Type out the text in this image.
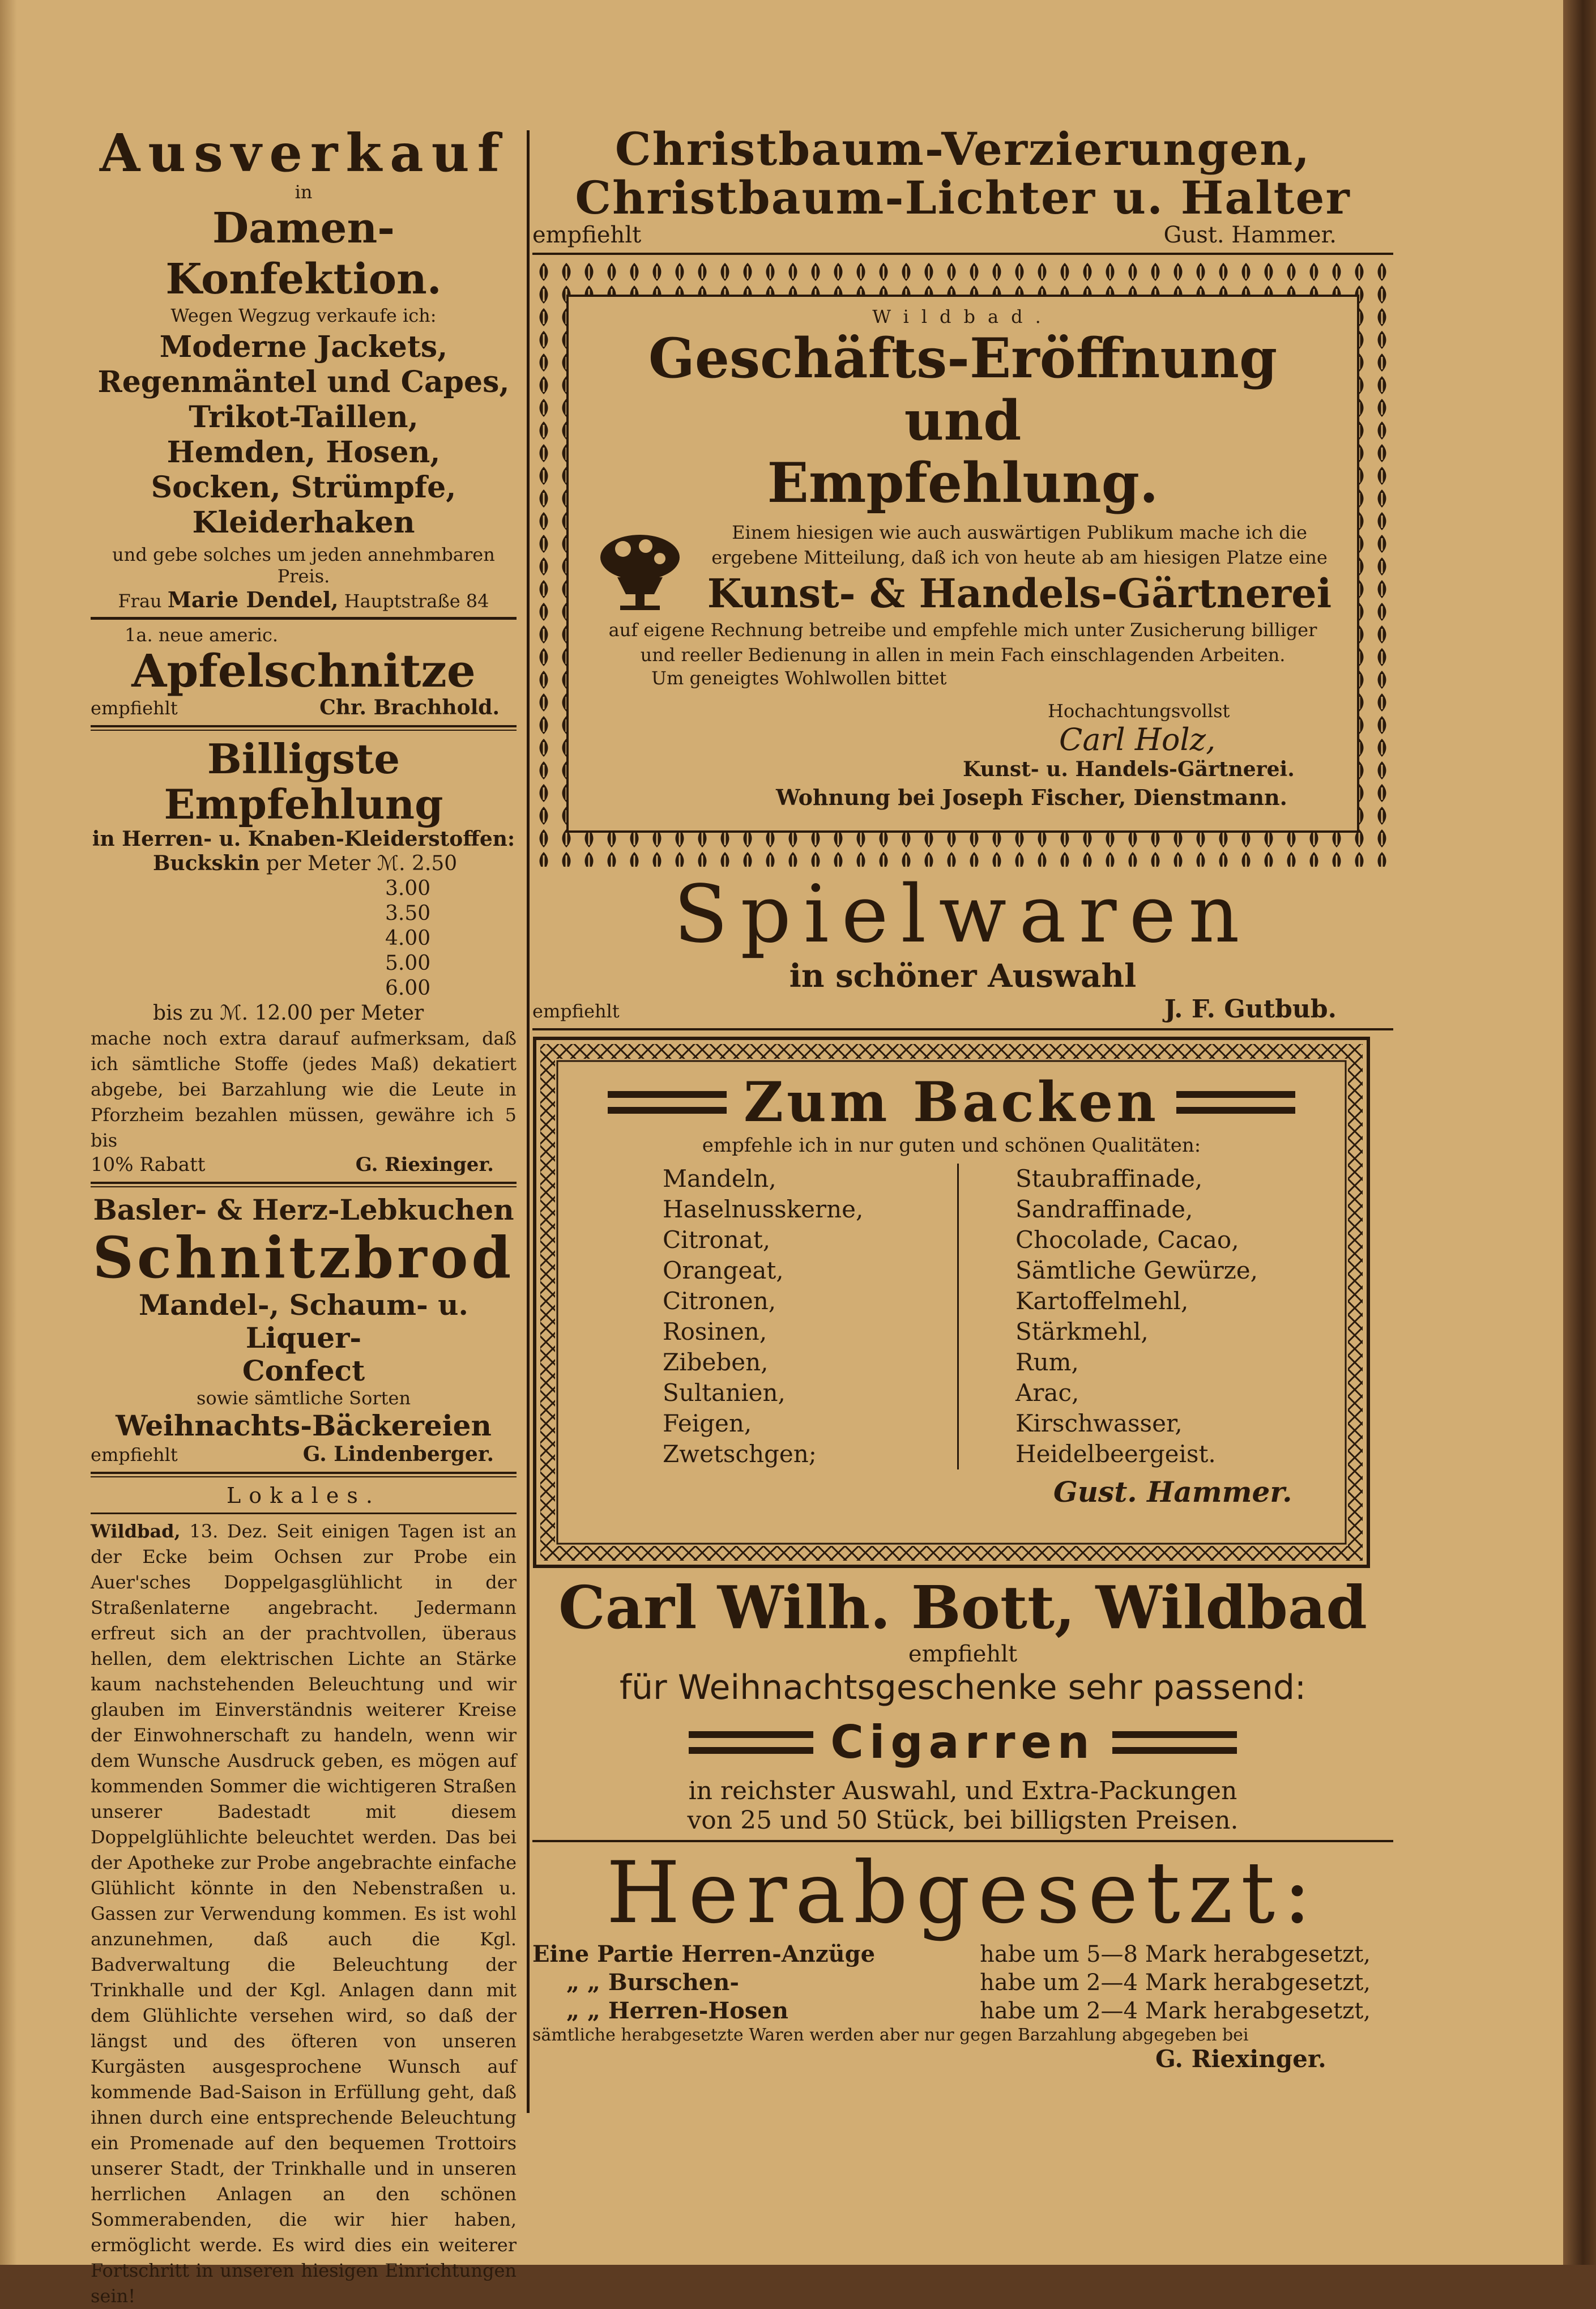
Ausverkauf
in
Damen-Konfektion.
Wegen Wegzug verkaufe ich:
Moderne Jackets,
Regenmäntel und Capes,
Trikot-Taillen,
Hemden, Hosen,
Socken, Strümpfe,
Kleiderhaken
und gebe solches um jeden annehmbaren Preis.
Frau Marie Dendel, Hauptstraße 84
1a. neue americ.
Apfelschnitze
empfiehlt	Chr. Brachhold.
Billigste Empfehlung
in Herren- u. Knaben-Kleiderstoffen:
Buckskin per Meter ℳ. 2.50
3.00
3.50
4.00
5.00
6.00
bis zu ℳ. 12.00 per Meter
mache noch extra darauf aufmerksam, daß ich sämtliche Stoffe (jedes Maß) dekatiert abgebe, bei Barzahlung wie die Leute in Pforzheim bezahlen müssen, gewähre ich 5 bis
10% Rabatt	G. Riexinger.
Basler- & Herz-Lebkuchen
Schnitzbrod
Mandel-, Schaum- u. Liquer-
Confect
sowie sämtliche Sorten
Weihnachts-Bäckereien
empfiehlt	G. Lindenberger.
Lokales.
Wildbad, 13. Dez. Seit einigen Tagen ist an der Ecke beim Ochsen zur Probe ein Auer'sches Doppelgasglühlicht in der Straßenlaterne angebracht. Jedermann erfreut sich an der prachtvollen, überaus hellen, dem elektrischen Lichte an Stärke kaum nachstehenden Beleuchtung und wir glauben im Einverständnis weiterer Kreise der Einwohnerschaft zu handeln, wenn wir dem Wunsche Ausdruck geben, es mögen auf kommenden Sommer die wichtigeren Straßen unserer Badestadt mit diesem Doppelglühlichte beleuchtet werden. Das bei der Apotheke zur Probe angebrachte einfache Glühlicht könnte in den Nebenstraßen u. Gassen zur Verwendung kommen. Es ist wohl anzunehmen, daß auch die Kgl. Badverwaltung die Beleuchtung der Trinkhalle und der Kgl. Anlagen dann mit dem Glühlichte versehen wird, so daß der längst und des öfteren von unseren Kurgästen ausgesprochene Wunsch auf kommende Bad-Saison in Erfüllung geht, daß ihnen durch eine entsprechende Beleuchtung ein Promenade auf den bequemen Trottoirs unserer Stadt, der Trinkhalle und in unseren herrlichen Anlagen an den schönen Sommerabenden, die wir hier haben, ermöglicht werde. Es wird dies ein weiterer Fortschritt in unseren hiesigen Einrichtungen sein!
Christbaum-Verzierungen,
Christbaum-Lichter u. Halter
empfiehlt	Gust. Hammer.
Wildbad.
Geschäfts-Eröffnung und
Empfehlung.
Einem hiesigen wie auch auswärtigen Publikum mache ich die ergebene Mitteilung, daß ich von heute ab am hiesigen Platze eine
Kunst- & Handels-Gärtnerei
auf eigene Rechnung betreibe und empfehle mich unter Zusicherung billiger und reeller Bedienung in allen in mein Fach einschlagenden Arbeiten.
Um geneigtes Wohlwollen bittet
Hochachtungsvollst
Carl Holz,
Kunst- u. Handels-Gärtnerei.
Wohnung bei Joseph Fischer, Dienstmann.
Spielwaren
in schöner Auswahl
empfiehlt	J. F. Gutbub.
Zum Backen
empfehle ich in nur guten und schönen Qualitäten:
Mandeln,
Haselnusskerne,
Citronat,
Orangeat,
Citronen,
Rosinen,
Zibeben,
Sultanien,
Feigen,
Zwetschgen;
Staubraffinade,
Sandraffinade,
Chocolade, Cacao,
Sämtliche Gewürze,
Kartoffelmehl,
Stärkmehl,
Rum,
Arac,
Kirschwasser,
Heidelbeergeist.
Gust. Hammer.
Carl Wilh. Bott, Wildbad
empfiehlt
für Weihnachtsgeschenke sehr passend:
Cigarren
in reichster Auswahl, und Extra-Packungen
von 25 und 50 Stück, bei billigsten Preisen.
Herabgesetzt:
Eine Partie Herren-Anzüge	habe um 5—8 Mark herabgesetzt,
„ „ Burschen-	habe um 2—4 Mark herabgesetzt,
„ „ Herren-Hosen	habe um 2—4 Mark herabgesetzt,
sämtliche herabgesetzte Waren werden aber nur gegen Barzahlung abgegeben bei
G. Riexinger.
